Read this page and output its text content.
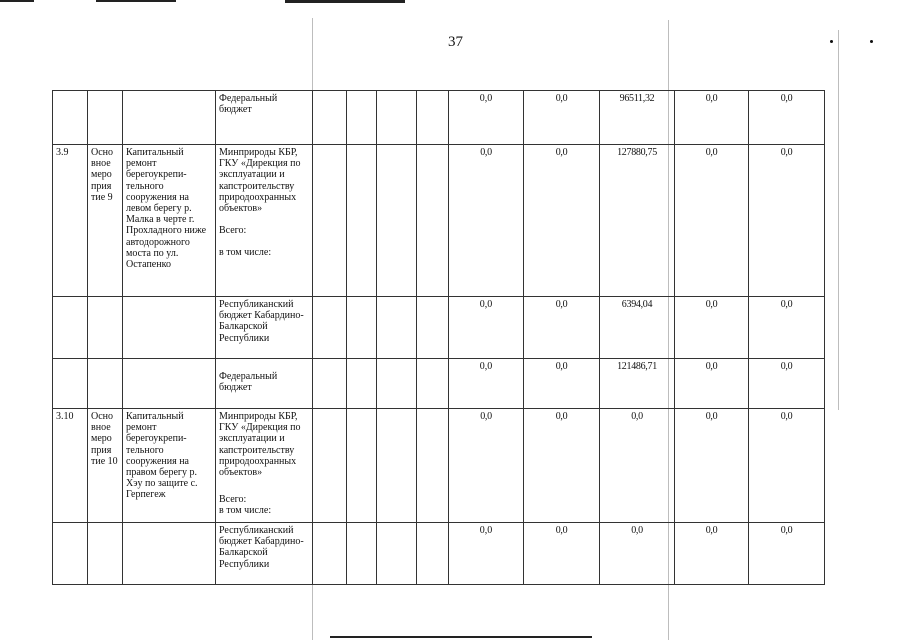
37
			Федеральный бюджет					0,0	0,0	96511,32	0,0	0,0
3.9	Осно вное меро прия тие 9	Капитальный ремонт берегоукрепи-тельного сооружения на левом берегу р. Малка в черте г. Прохладного ниже автодорожного моста по ул. Остапенко	Минприроды КБР, ГКУ «Дирекция по эксплуатации и капстроительству природоохранных объектов»
Всего:
в том числе:					0,0	0,0	127880,75	0,0	0,0
			Республиканский бюджет Кабардино-Балкарской Республики					0,0	0,0	6394,04	0,0	0,0
			Федеральный бюджет					0,0	0,0	121486,71	0,0	0,0
3.10	Осно вное меро прия тие 10	Капитальный ремонт берегоукрепи-тельного сооружения на правом берегу р. Хэу по защите с. Герпегеж	Минприроды КБР, ГКУ «Дирекция по эксплуатации и капстроительству природоохранных объектов»
Всего:
в том числе:					0,0	0,0	0,0	0,0	0,0
			Республиканский бюджет Кабардино-Балкарской Республики					0,0	0,0	0,0	0,0	0,0
